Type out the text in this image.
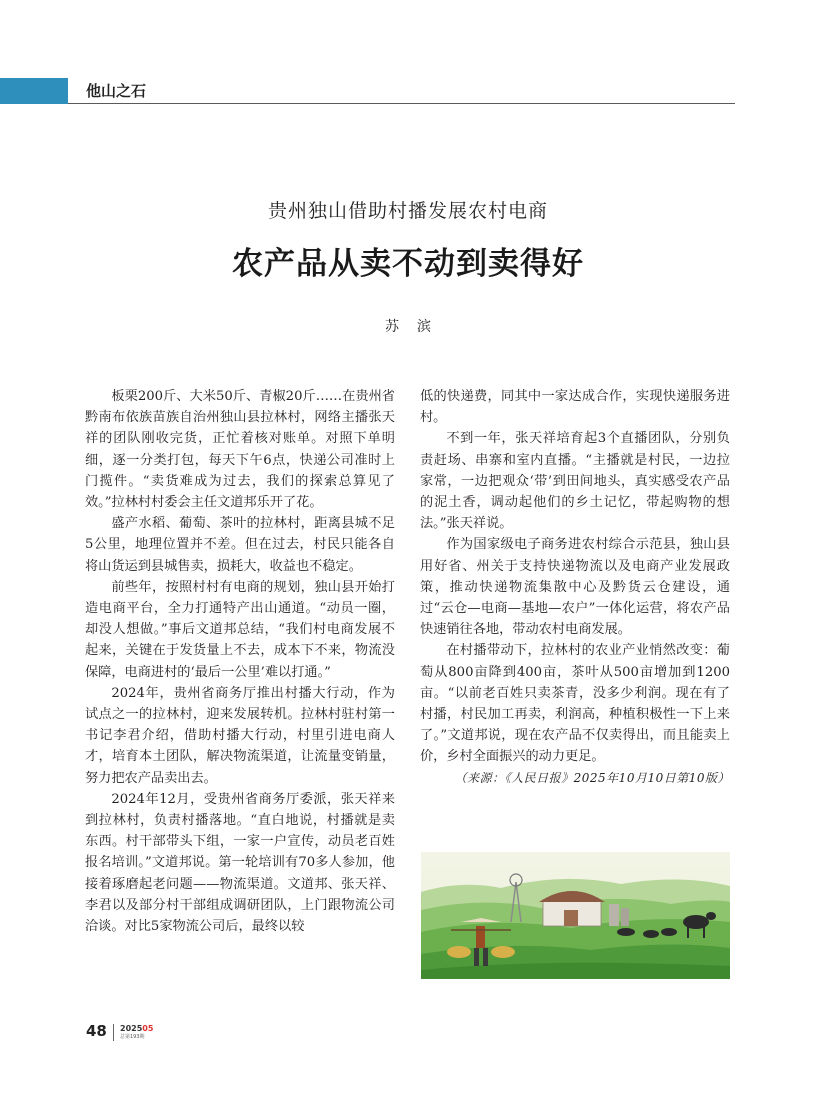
他山之石
贵州独山借助村播发展农村电商
农产品从卖不动到卖得好
苏滨

板栗200斤、大米50斤、青椒20斤……在贵州省黔南布依族苗族自治州独山县拉林村，网络主播张天祥的团队刚收完货，正忙着核对账单。对照下单明细，逐一分类打包，每天下午6点，快递公司准时上门揽件。“卖货难成为过去，我们的探索总算见了效。”拉林村村委会主任文道邦乐开了花。

盛产水稻、葡萄、茶叶的拉林村，距离县城不足5公里，地理位置并不差。但在过去，村民只能各自将山货运到县城售卖，损耗大，收益也不稳定。

前些年，按照村村有电商的规划，独山县开始打造电商平台，全力打通特产出山通道。“动员一圈，却没人想做。”事后文道邦总结，“我们村电商发展不起来，关键在于发货量上不去，成本下不来，物流没保障，电商进村的‘最后一公里’难以打通。”

2024年，贵州省商务厅推出村播大行动，作为试点之一的拉林村，迎来发展转机。拉林村驻村第一书记李君介绍，借助村播大行动，村里引进电商人才，培育本土团队，解决物流渠道，让流量变销量，努力把农产品卖出去。

2024年12月，受贵州省商务厅委派，张天祥来到拉林村，负责村播落地。“直白地说，村播就是卖东西。村干部带头下组，一家一户宣传，动员老百姓报名培训。”文道邦说。第一轮培训有70多人参加，他接着琢磨起老问题——物流渠道。文道邦、张天祥、李君以及部分村干部组成调研团队，上门跟物流公司洽谈。对比5家物流公司后，最终以较

低的快递费，同其中一家达成合作，实现快递服务进村。

不到一年，张天祥培育起3个直播团队，分别负责赶场、串寨和室内直播。“主播就是村民，一边拉家常，一边把观众‘带’到田间地头，真实感受农产品的泥土香，调动起他们的乡土记忆，带起购物的想法。”张天祥说。

作为国家级电子商务进农村综合示范县，独山县用好省、州关于支持快递物流以及电商产业发展政策，推动快递物流集散中心及黔货云仓建设，通过“云仓—电商—基地—农户”一体化运营，将农产品快速销往各地，带动农村电商发展。

在村播带动下，拉林村的农业产业悄然改变：葡萄从800亩降到400亩，茶叶从500亩增加到1200亩。“以前老百姓只卖茶青，没多少利润。现在有了村播，村民加工再卖，利润高，种植积极性一下上来了。”文道邦说，现在农产品不仅卖得出，而且能卖上价，乡村全面振兴的动力更足。

（来源：《人民日报》2025年10月10日第10版）

48 202505
总第193期
